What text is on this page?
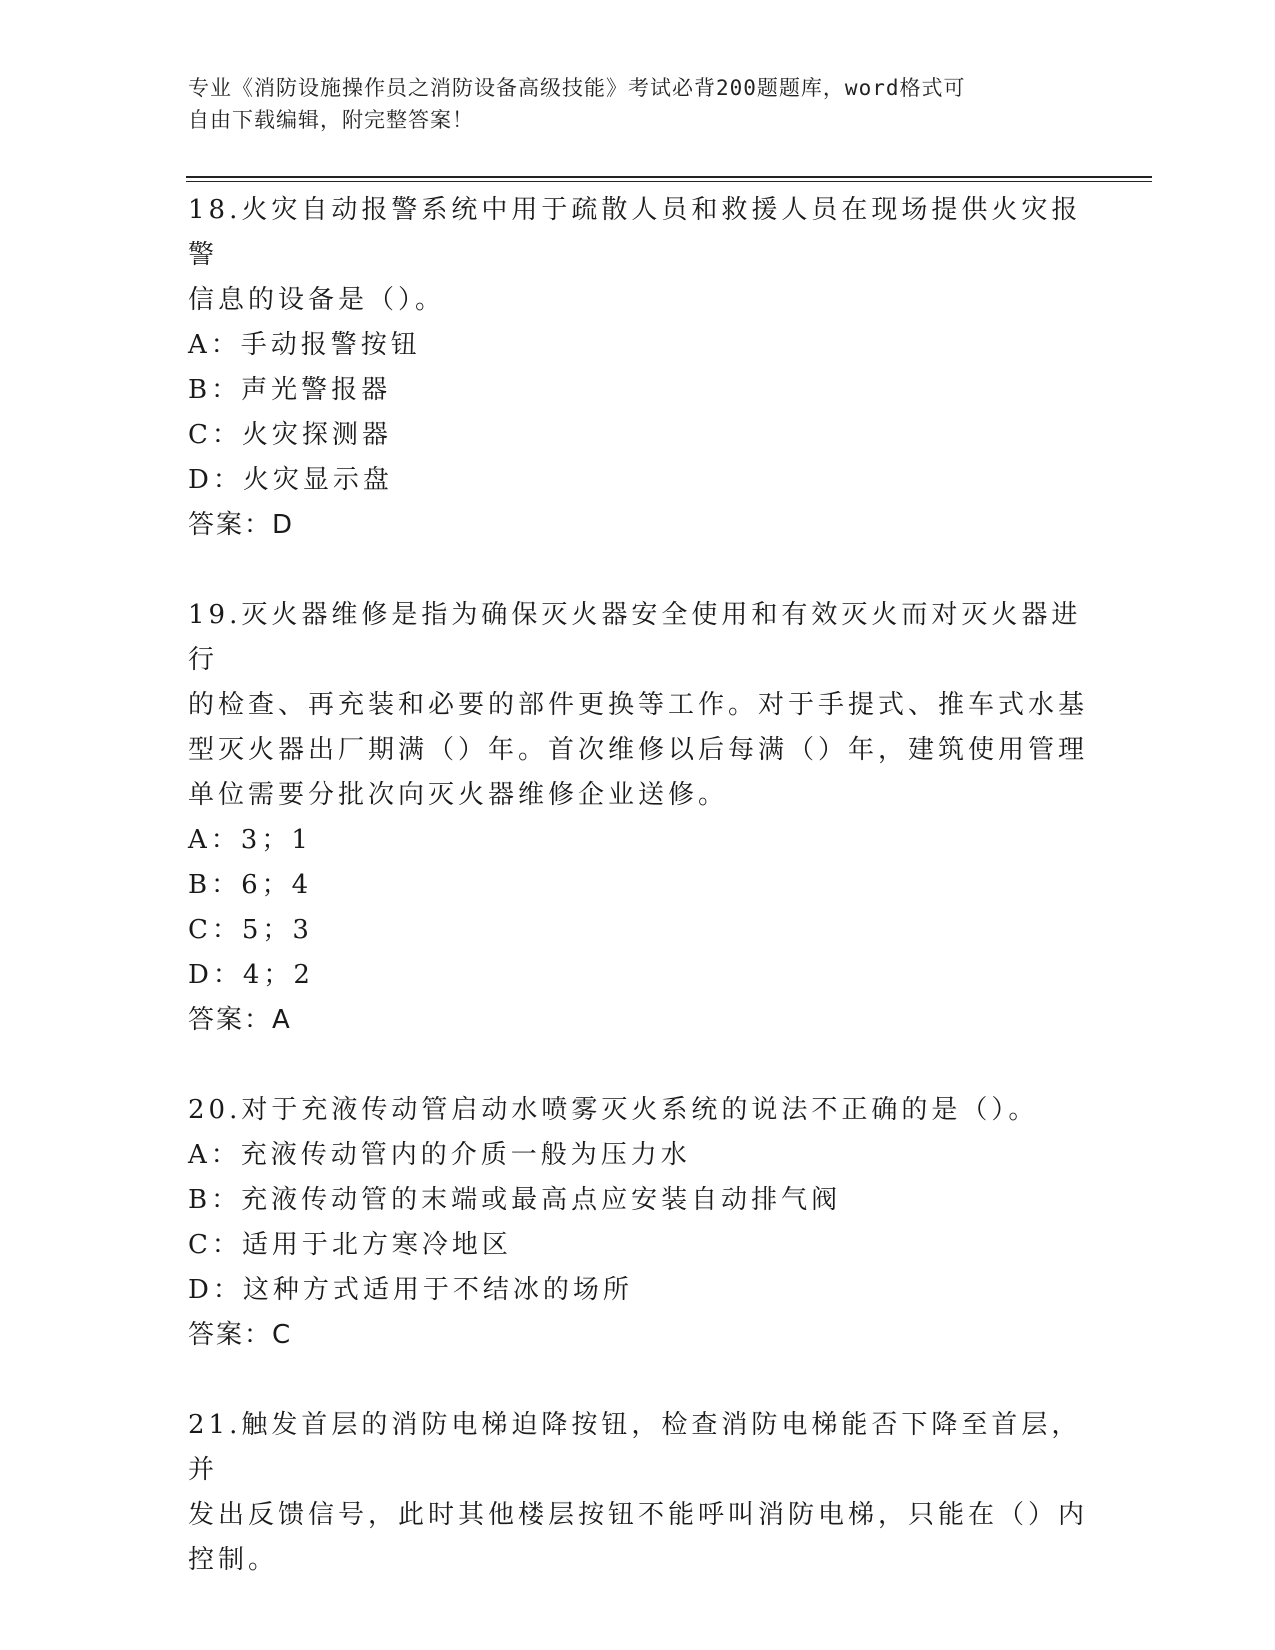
专业《消防设施操作员之消防设备高级技能》考试必背200题题库，word格式可
自由下载编辑，附完整答案！

18.火灾自动报警系统中用于疏散人员和救援人员在现场提供火灾报警

信息的设备是（）。

A：手动报警按钮

B：声光警报器

C：火灾探测器

D：火灾显示盘

答案：D

19.灭火器维修是指为确保灭火器安全使用和有效灭火而对灭火器进行

的检查、再充装和必要的部件更换等工作。对于手提式、推车式水基

型灭火器出厂期满（）年。首次维修以后每满（）年，建筑使用管理

单位需要分批次向灭火器维修企业送修。

A：3；1

B：6；4

C：5；3

D：4；2

答案：A

20.对于充液传动管启动水喷雾灭火系统的说法不正确的是（）。

A：充液传动管内的介质一般为压力水

B：充液传动管的末端或最高点应安装自动排气阀

C：适用于北方寒冷地区

D：这种方式适用于不结冰的场所

答案：C

21.触发首层的消防电梯迫降按钮，检查消防电梯能否下降至首层，并

发出反馈信号，此时其他楼层按钮不能呼叫消防电梯，只能在（）内

控制。
